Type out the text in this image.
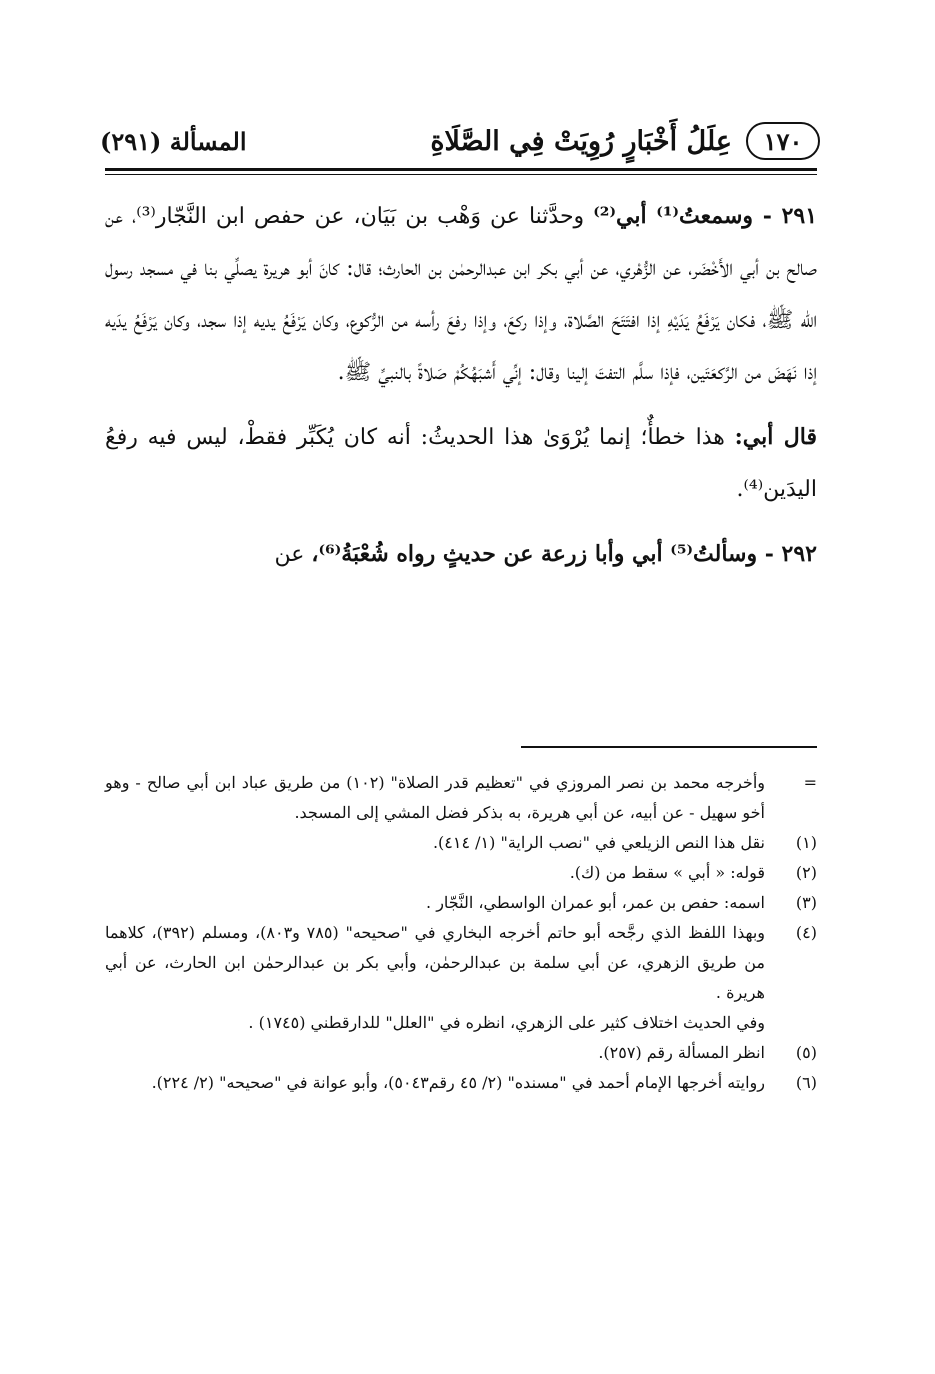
١٧٠
عِلَلُ أَخْبَارٍ رُوِيَتْ فِي الصَّلَاةِ
المسألة (٢٩١)

٢٩١ - وسمعتُ⁽¹⁾ أبي⁽²⁾ وحدَّثنا عن وَهْب بن بَيَان، عن حفص ابن النَّجّار⁽³⁾، عن صالح بن أبي الأَخْضَر، عن الزُّهْري، عن أبي بكر ابن عبدالرحمٰن بن الحارث؛ قال: كانَ أبو هريرة يصلِّي بنا في مسجد رسول الله ﷺ، فكان يَرْفَعُ يَدَيْهِ إذا افتَتَحَ الصَّلاة، وإذا ركعَ، وإذا رفعَ رأسه من الرُّكوع، وكان يَرْفَعُ يديه إذا سجد، وكان يَرْفَعُ يدَيه إذا نَهَضَ من الرَّكعَتَين، فإذا سلَّم التفتَ إلينا وقال: إنِّي أَشبَهُكُمْ صَلاةً بالنبيِّ ﷺ.

قال أبي: هذا خطأٌ؛ إنما يُرْوَىٰ هذا الحديثُ: أنه كان يُكَبِّر فقطْ، ليس فيه رفعُ اليدَين⁽⁴⁾.

٢٩٢ - وسألتُ⁽⁵⁾ أبي وأبا زرعة عن حديثٍ رواه شُعْبَةُ⁽⁶⁾، عن

=
وأخرجه محمد بن نصر المروزي في "تعظيم قدر الصلاة" (١٠٢) من طريق عباد ابن أبي صالح - وهو أخو سهيل - عن أبيه، عن أبي هريرة، به بذكر فضل المشي إلى المسجد.
(١)
نقل هذا النص الزيلعي في "نصب الراية" (١/ ٤١٤).
(٢)
قوله: « أبي » سقط من (ك).
(٣)
اسمه: حفص بن عمر، أبو عمران الواسطي، النَّجّار .
(٤)
وبهذا اللفظ الذي رجَّحه أبو حاتم أخرجه البخاري في "صحيحه" (٧٨٥ و٨٠٣)، ومسلم (٣٩٢)، كلاهما من طريق الزهري، عن أبي سلمة بن عبدالرحمٰن، وأبي بكر بن عبدالرحمٰن ابن الحارث، عن أبي هريرة .
وفي الحديث اختلاف كثير على الزهري، انظره في "العلل" للدارقطني (١٧٤٥) .
(٥)
انظر المسألة رقم (٢٥٧).
(٦)
روايته أخرجها الإمام أحمد في "مسنده" (٢/ ٤٥ رقم٥٠٤٣)، وأبو عوانة في "صحيحه" (٢/ ٢٢٤).
